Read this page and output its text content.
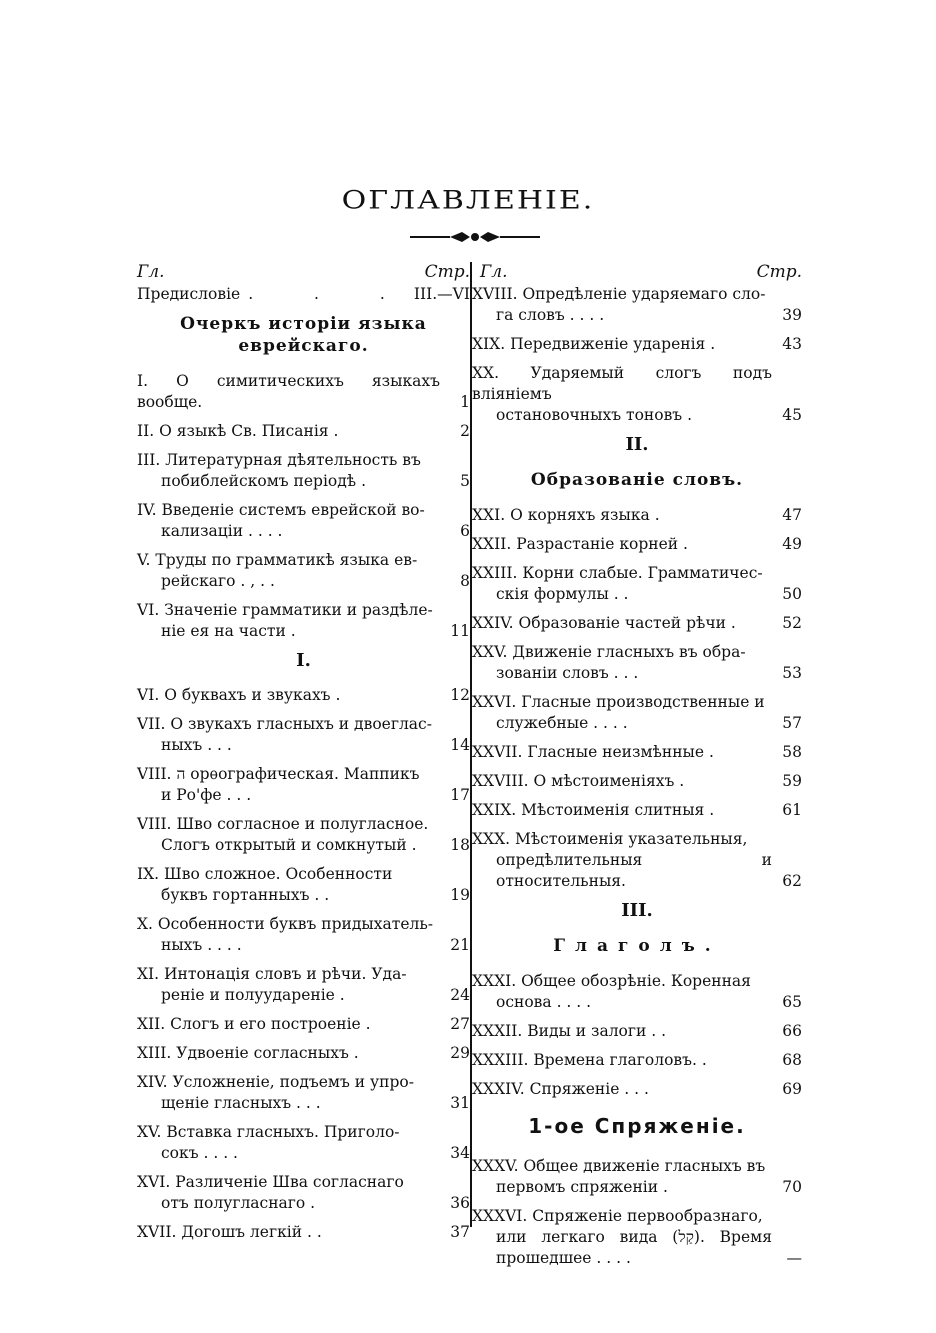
ОГЛАВЛЕНІЕ.
Гл.	Стр.
Предисловіе . . . III.—VI
Очеркъ исторіи языка еврейскаго.
I. О симитическихъ языкахъ вообще.	1
II. О языкѣ Св. Писанія .	2
III. Литературная дѣятельность въ
побиблейскомъ періодѣ .	5
IV. Введеніе системъ еврейской во-
кализаціи . . . .	6
V. Труды по грамматикѣ языка ев-
рейскаго . , . .	8
VI. Значеніе грамматики и раздѣле-
ніе ея на части .	11
I.
VI. О буквахъ и звукахъ .	12
VII. О звукахъ гласныхъ и двоеглас-
ныхъ . . .	14
VIII. ה орѳографическая. Маппикъ
и Ро'фе . . .	17
VIII. Шво согласное и полугласное.
Слогъ открытый и сомкнутый .	18
IX. Шво сложное. Особенности
буквъ гортанныхъ . .	19
X. Особенности буквъ придыхатель-
ныхъ . . . .	21
XI. Интонація словъ и рѣчи. Уда-
реніе и полуудареніе .	24
XII. Слогъ и его построеніе .	27
XIII. Удвоеніе согласныхъ .	29
XIV. Усложненіе, подъемъ и упро-
щеніе гласныхъ . . .	31
XV. Вставка гласныхъ. Приголо-
сокъ . . . .	34
XVI. Различеніе Шва согласнаго
отъ полугласнаго .	36
XVII. Догошъ легкій . .	37
Гл.	Стр.
XVIII. Опредѣленіе ударяемаго сло-
га словъ . . . .	39
XIX. Передвиженіе ударенія .	43
XX. Ударяемый слогъ подъ вліяніемъ
остановочныхъ тоновъ .	45
II.
Образованіе словъ.
XXI. О корняхъ языка .	47
XXII. Разрастаніе корней .	49
XXIII. Корни слабые. Грамматичес-
скія формулы . .	50
XXIV. Образованіе частей рѣчи .	52
XXV. Движеніе гласныхъ въ обра-
зованіи словъ . . .	53
XXVI. Гласные производственные и
служебные . . . .	57
XXVII. Гласные неизмѣнные .	58
XXVIII. О мѣстоименіяхъ .	59
XXIX. Мѣстоименія слитныя .	61
XXX. Мѣстоименія указательныя,
опредѣлительныя и относительныя.	62
III.
Глаголъ.
XXXI. Общее обозрѣніе. Коренная
основа . . . .	65
XXXII. Виды и залоги . .	66
XXXIII. Времена глаголовъ. .	68
XXXIV. Спряженіе . . .	69
1-ое Спряженіе.
XXXV. Общее движеніе гласныхъ въ
первомъ спряженіи .	70
XXXVI. Спряженіе первообразнаго,
или легкаго вида (קַל). Время прошедшее . . . .	—
